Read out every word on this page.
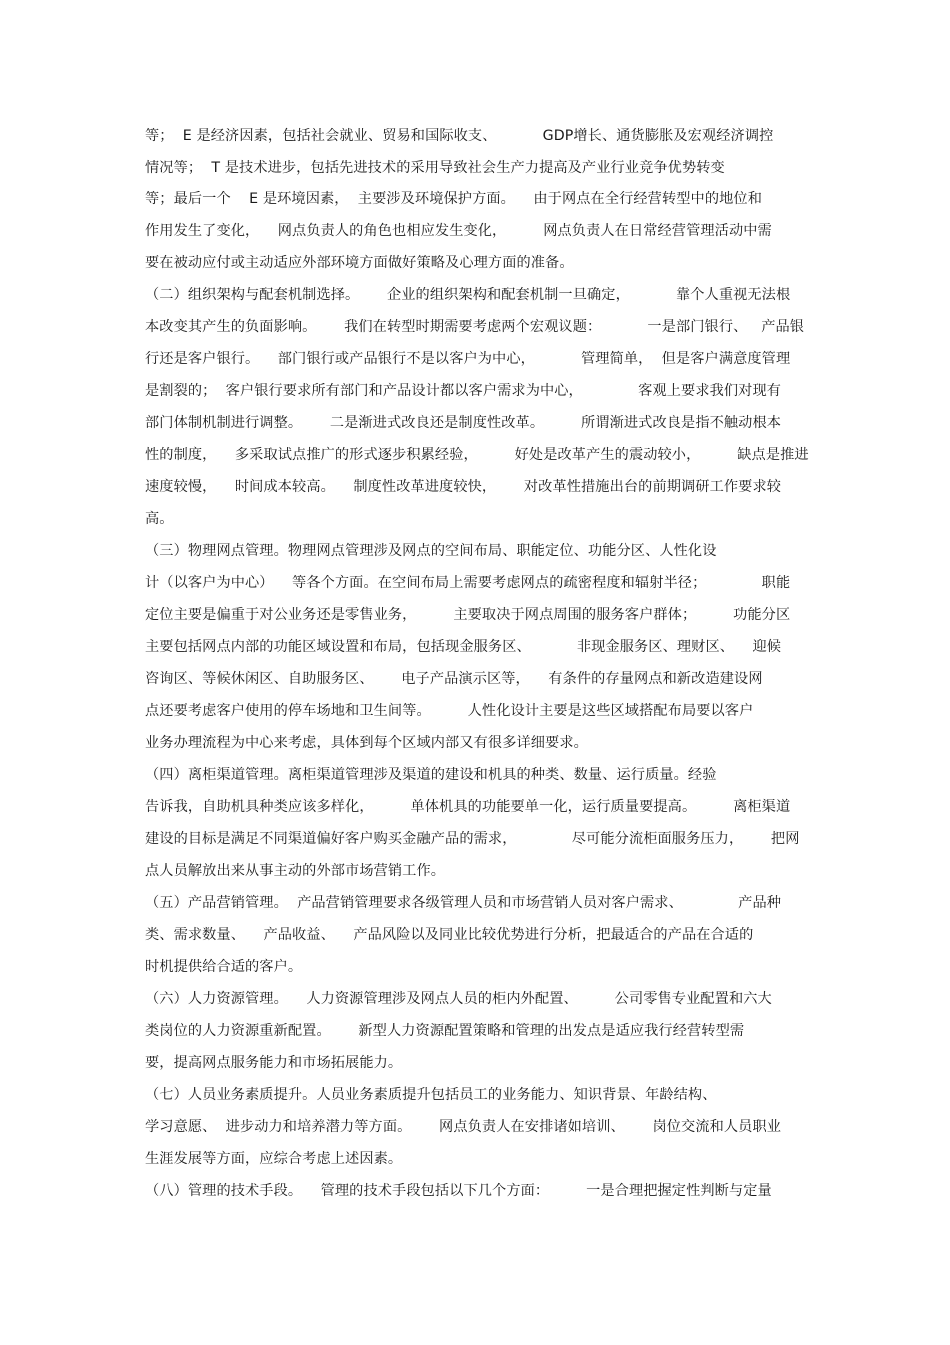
等；  E 是经济因素，包括社会就业、贸易和国际收支、          GDP增长、通货膨胀及宏观经济调控
情况等；  T 是技术进步，包括先进技术的采用导致社会生产力提高及产业行业竞争优势转变
等；最后一个    E 是环境因素，  主要涉及环境保护方面。    由于网点在全行经营转型中的地位和
作用发生了变化，    网点负责人的角色也相应发生变化，        网点负责人在日常经营管理活动中需
要在被动应付或主动适应外部环境方面做好策略及心理方面的准备。
（二）组织架构与配套机制选择。      企业的组织架构和配套机制一旦确定，          靠个人重视无法根
本改变其产生的负面影响。      我们在转型时期需要考虑两个宏观议题：          一是部门银行、   产品银
行还是客户银行。    部门银行或产品银行不是以客户为中心，          管理简单，  但是客户满意度管理
是割裂的；  客户银行要求所有部门和产品设计都以客户需求为中心，            客观上要求我们对现有
部门体制机制进行调整。      二是渐进式改良还是制度性改革。        所谓渐进式改良是指不触动根本
性的制度，    多采取试点推广的形式逐步积累经验，        好处是改革产生的震动较小，        缺点是推进
速度较慢，    时间成本较高。    制度性改革进度较快，      对改革性措施出台的前期调研工作要求较
高。
（三）物理网点管理。物理网点管理涉及网点的空间布局、职能定位、功能分区、人性化设
计（以客户为中心）    等各个方面。在空间布局上需要考虑网点的疏密程度和辐射半径；            职能
定位主要是偏重于对公业务还是零售业务，        主要取决于网点周围的服务客户群体；        功能分区
主要包括网点内部的功能区域设置和布局，包括现金服务区、          非现金服务区、理财区、    迎候
咨询区、等候休闲区、自助服务区、      电子产品演示区等，    有条件的存量网点和新改造建设网
点还要考虑客户使用的停车场地和卫生间等。        人性化设计主要是这些区域搭配布局要以客户
业务办理流程为中心来考虑，具体到每个区域内部又有很多详细要求。
（四）离柜渠道管理。离柜渠道管理涉及渠道的建设和机具的种类、数量、运行质量。经验
告诉我，自助机具种类应该多样化，        单体机具的功能要单一化，运行质量要提高。        离柜渠道
建设的目标是满足不同渠道偏好客户购买金融产品的需求，            尽可能分流柜面服务压力，      把网
点人员解放出来从事主动的外部市场营销工作。
（五）产品营销管理。  产品营销管理要求各级管理人员和市场营销人员对客户需求、            产品种
类、需求数量、    产品收益、    产品风险以及同业比较优势进行分析，把最适合的产品在合适的
时机提供给合适的客户。
（六）人力资源管理。    人力资源管理涉及网点人员的柜内外配置、        公司零售专业配置和六大
类岗位的人力资源重新配置。      新型人力资源配置策略和管理的出发点是适应我行经营转型需
要，提高网点服务能力和市场拓展能力。
（七）人员业务素质提升。人员业务素质提升包括员工的业务能力、知识背景、年龄结构、
学习意愿、  进步动力和培养潜力等方面。      网点负责人在安排诸如培训、      岗位交流和人员职业
生涯发展等方面，应综合考虑上述因素。
（八）管理的技术手段。    管理的技术手段包括以下几个方面：        一是合理把握定性判断与定量
